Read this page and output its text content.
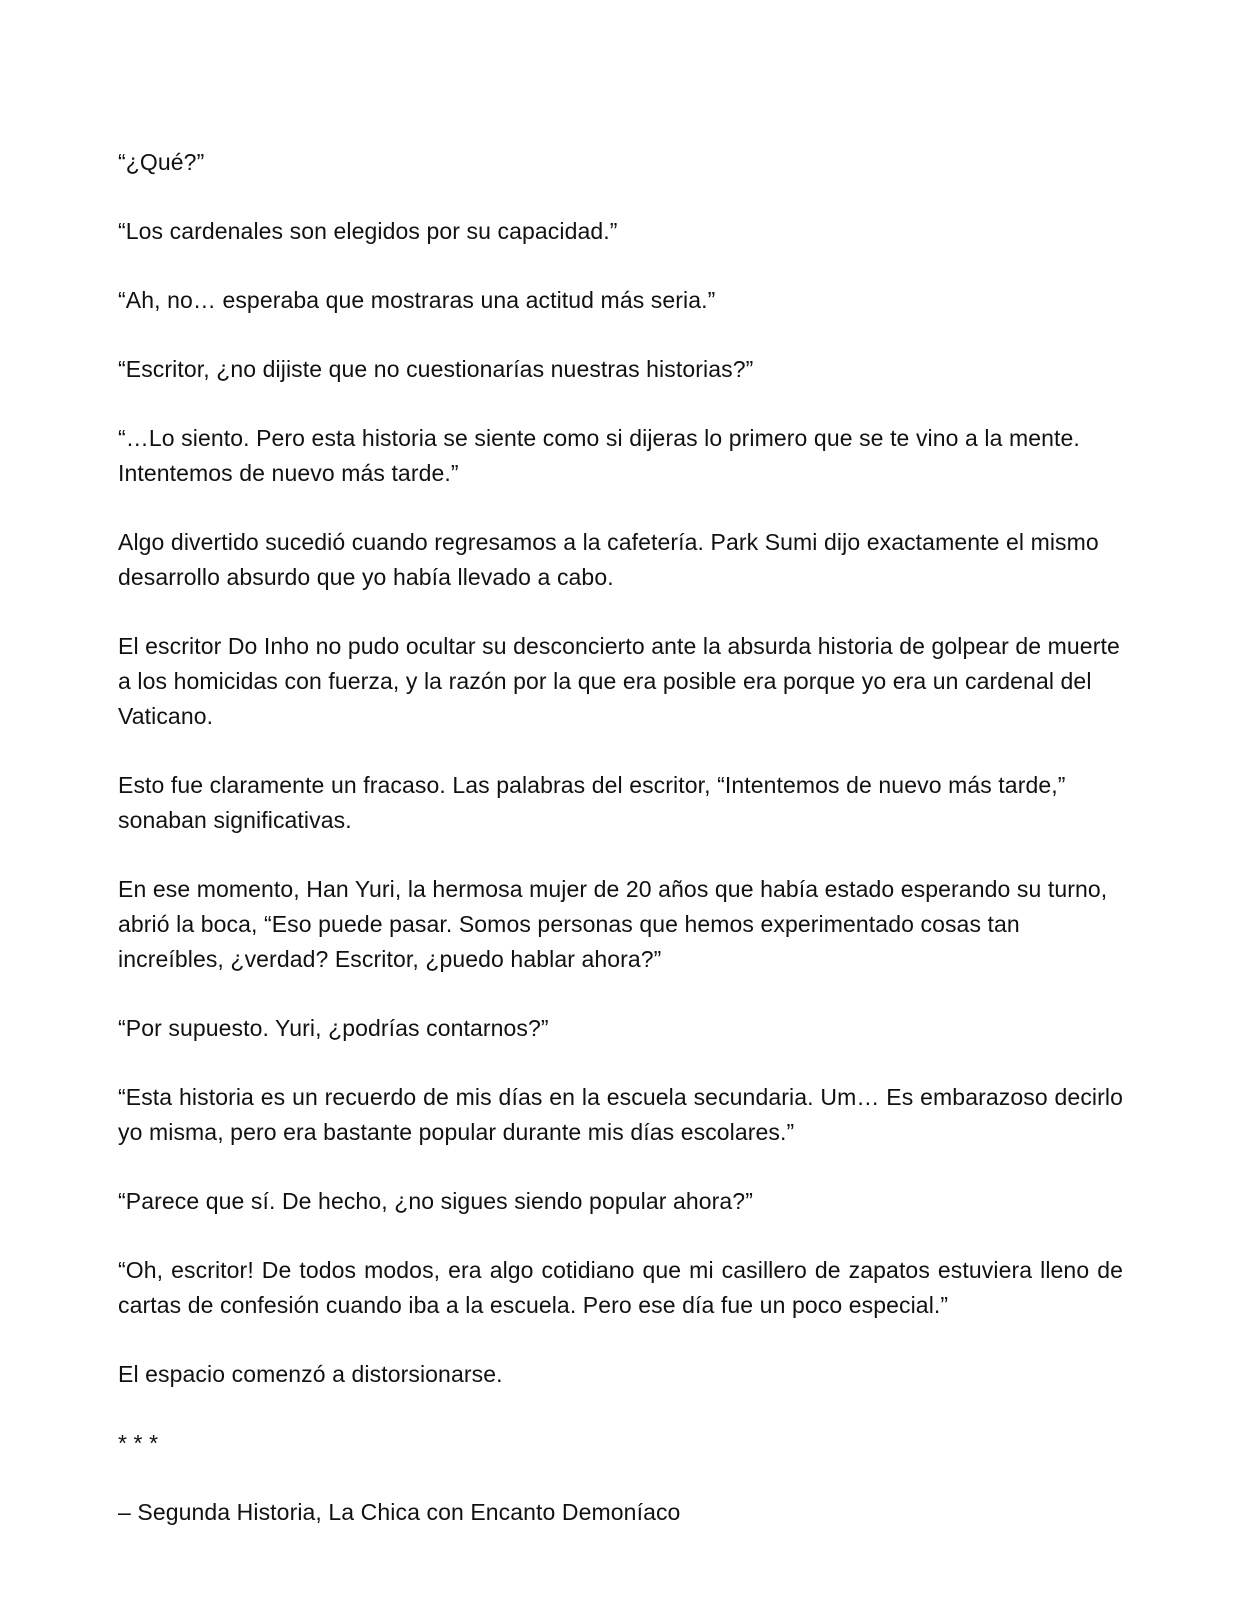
“¿Qué?”

“Los cardenales son elegidos por su capacidad.”

“Ah, no… esperaba que mostraras una actitud más seria.”

“Escritor, ¿no dijiste que no cuestionarías nuestras historias?”

“…Lo siento. Pero esta historia se siente como si dijeras lo primero que se te vino a la mente. Intentemos de nuevo más tarde.”

Algo divertido sucedió cuando regresamos a la cafetería. Park Sumi dijo exactamente el mismo desarrollo absurdo que yo había llevado a cabo.

El escritor Do Inho no pudo ocultar su desconcierto ante la absurda historia de golpear de muerte a los homicidas con fuerza, y la razón por la que era posible era porque yo era un cardenal del Vaticano.

Esto fue claramente un fracaso. Las palabras del escritor, “Intentemos de nuevo más tarde,” sonaban significativas.

En ese momento, Han Yuri, la hermosa mujer de 20 años que había estado esperando su turno, abrió la boca, “Eso puede pasar. Somos personas que hemos experimentado cosas tan increíbles, ¿verdad? Escritor, ¿puedo hablar ahora?”

“Por supuesto. Yuri, ¿podrías contarnos?”

“Esta historia es un recuerdo de mis días en la escuela secundaria. Um… Es embarazoso decirlo yo misma, pero era bastante popular durante mis días escolares.”

“Parece que sí. De hecho, ¿no sigues siendo popular ahora?”

“Oh, escritor! De todos modos, era algo cotidiano que mi casillero de zapatos estuviera lleno de cartas de confesión cuando iba a la escuela. Pero ese día fue un poco especial.”

El espacio comenzó a distorsionarse.

* * *

– Segunda Historia, La Chica con Encanto Demoníaco
